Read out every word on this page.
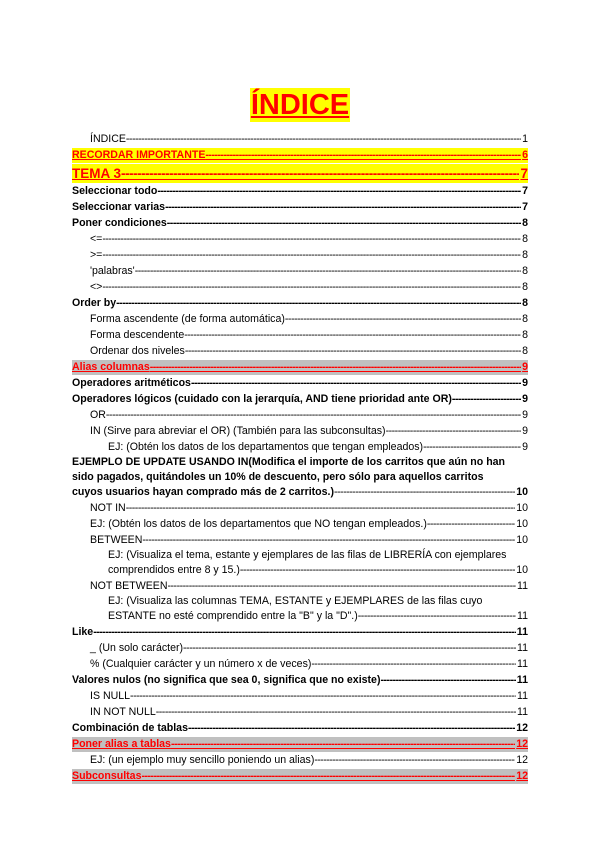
ÍNDICE
ÍNDICE -----	1
RECORDAR IMPORTANTE -----	6
TEMA 3 -----	7
Seleccionar todo -----	7
Seleccionar varias -----	7
Poner condiciones -----	8
<= -----	8
>= -----	8
'palabras' -----	8
<> -----	8
Order by -----	8
Forma ascendente (de forma automática) -----	8
Forma descendente -----	8
Ordenar dos niveles -----	8
Alias columnas -----	9
Operadores aritméticos -----	9
Operadores lógicos (cuidado con la jerarquía, AND tiene prioridad ante OR) -----	9
OR -----	9
IN (Sirve para abreviar el OR) (También para las subconsultas) -----	9
EJ: (Obtén los datos de los departamentos que tengan empleados) -----	9
EJEMPLO DE UPDATE USANDO IN(Modifica el importe de los carritos que aún no han
sido pagados, quitándoles un 10% de descuento, pero sólo para aquellos carritos
cuyos usuarios hayan comprado más de 2 carritos.) -----	10
NOT IN -----	10
EJ: (Obtén los datos de los departamentos que NO tengan empleados.) -----	10
BETWEEN -----	10
EJ: (Visualiza el tema, estante y ejemplares de las filas de LIBRERÍA con ejemplares
comprendidos entre 8 y 15.) -----	10
NOT BETWEEN -----	11
EJ: (Visualiza las columnas TEMA, ESTANTE y EJEMPLARES de las filas cuyo
ESTANTE no esté comprendido entre la "B" y la "D".) -----	11
Like -----	11
_ (Un solo carácter) -----	11
% (Cualquier carácter y un número x de veces) -----	11
Valores nulos (no significa que sea 0, significa que no existe) -----	11
IS NULL -----	11
IN NOT NULL -----	11
Combinación de tablas -----	12
Poner alias a tablas -----	12
EJ: (un ejemplo muy sencillo poniendo un alias) -----	12
Subconsultas -----	12
